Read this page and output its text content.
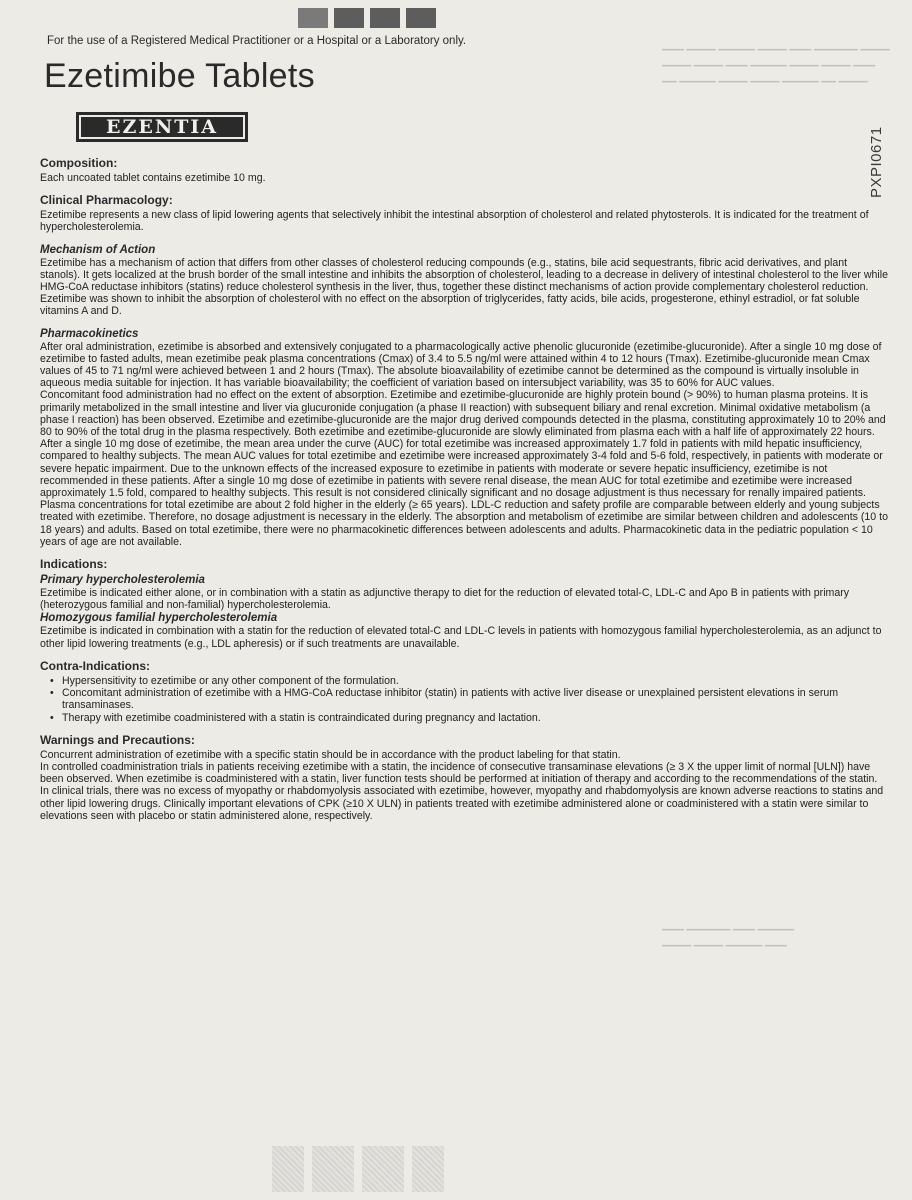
▁▁▁ ▁▁▁▁ ▁▁▁▁▁ ▁▁▁▁ ▁▁▁ ▁▁▁▁▁▁ ▁▁▁▁
▁▁▁▁ ▁▁▁▁ ▁▁▁ ▁▁▁▁▁ ▁▁▁▁ ▁▁▁▁ ▁▁▁
▁▁ ▁▁▁▁▁ ▁▁▁▁ ▁▁▁▁ ▁▁▁▁▁ ▁▁ ▁▁▁▁
▁▁▁ ▁▁▁▁▁▁ ▁▁▁ ▁▁▁▁▁
▁▁▁▁ ▁▁▁▁ ▁▁▁▁▁ ▁▁▁
For the use of a Registered Medical Practitioner or a Hospital or a Laboratory only.
Ezetimibe Tablets
EZENTIA	PXPI0671
Composition:

Each uncoated tablet contains ezetimibe 10 mg.

Clinical Pharmacology:

Ezetimibe represents a new class of lipid lowering agents that selectively inhibit the intestinal absorption of cholesterol and related phytosterols. It is indicated for the treatment of hypercholesterolemia.

Mechanism of Action

Ezetimibe has a mechanism of action that differs from other classes of cholesterol reducing compounds (e.g., statins, bile acid sequestrants, fibric acid derivatives, and plant stanols). It gets localized at the brush border of the small intestine and inhibits the absorption of cholesterol, leading to a decrease in delivery of intestinal cholesterol to the liver while HMG-CoA reductase inhibitors (statins) reduce cholesterol synthesis in the liver, thus, together these distinct mechanisms of action provide complementary cholesterol reduction.

Ezetimibe was shown to inhibit the absorption of cholesterol with no effect on the absorption of triglycerides, fatty acids, bile acids, progesterone, ethinyl estradiol, or fat soluble vitamins A and D.

Pharmacokinetics

After oral administration, ezetimibe is absorbed and extensively conjugated to a pharmacologically active phenolic glucuronide (ezetimibe-glucuronide). After a single 10 mg dose of ezetimibe to fasted adults, mean ezetimibe peak plasma concentrations (Cmax) of 3.4 to 5.5 ng/ml were attained within 4 to 12 hours (Tmax). Ezetimibe-glucuronide mean Cmax values of 45 to 71 ng/ml were achieved between 1 and 2 hours (Tmax). The absolute bioavailability of ezetimibe cannot be determined as the compound is virtually insoluble in aqueous media suitable for injection. It has variable bioavailability; the coefficient of variation based on intersubject variability, was 35 to 60% for AUC values.

Concomitant food administration had no effect on the extent of absorption. Ezetimibe and ezetimibe-glucuronide are highly protein bound (> 90%) to human plasma proteins. It is primarily metabolized in the small intestine and liver via glucuronide conjugation (a phase II reaction) with subsequent biliary and renal excretion. Minimal oxidative metabolism (a phase I reaction) has been observed. Ezetimibe and ezetimibe-glucuronide are the major drug derived compounds detected in the plasma, constituting approximately 10 to 20% and 80 to 90% of the total drug in the plasma respectively. Both ezetimibe and ezetimibe-glucuronide are slowly eliminated from plasma each with a half life of approximately 22 hours.

After a single 10 mg dose of ezetimibe, the mean area under the curve (AUC) for total ezetimibe was increased approximately 1.7 fold in patients with mild hepatic insufficiency, compared to healthy subjects. The mean AUC values for total ezetimibe and ezetimibe were increased approximately 3-4 fold and 5-6 fold, respectively, in patients with moderate or severe hepatic impairment. Due to the unknown effects of the increased exposure to ezetimibe in patients with moderate or severe hepatic insufficiency, ezetimibe is not recommended in these patients. After a single 10 mg dose of ezetimibe in patients with severe renal disease, the mean AUC for total ezetimibe and ezetimibe were increased approximately 1.5 fold, compared to healthy subjects. This result is not considered clinically significant and no dosage adjustment is thus necessary for renally impaired patients.

Plasma concentrations for total ezetimibe are about 2 fold higher in the elderly (≥ 65 years). LDL-C reduction and safety profile are comparable between elderly and young subjects treated with ezetimibe. Therefore, no dosage adjustment is necessary in the elderly. The absorption and metabolism of ezetimibe are similar between children and adolescents (10 to 18 years) and adults. Based on total ezetimibe, there were no pharmacokinetic differences between adolescents and adults. Pharmacokinetic data in the pediatric population < 10 years of age are not available.

Indications:
Primary hypercholesterolemia

Ezetimibe is indicated either alone, or in combination with a statin as adjunctive therapy to diet for the reduction of elevated total-C, LDL-C and Apo B in patients with primary (heterozygous familial and non-familial) hypercholesterolemia.

Homozygous familial hypercholesterolemia

Ezetimibe is indicated in combination with a statin for the reduction of elevated total-C and LDL-C levels in patients with homozygous familial hypercholesterolemia, as an adjunct to other lipid lowering treatments (e.g., LDL apheresis) or if such treatments are unavailable.

Contra-Indications:
• Hypersensitivity to ezetimibe or any other component of the formulation.
• Concomitant administration of ezetimibe with a HMG-CoA reductase inhibitor (statin) in patients with active liver disease or unexplained persistent elevations in serum transaminases.
• Therapy with ezetimibe coadministered with a statin is contraindicated during pregnancy and lactation.
Warnings and Precautions:

Concurrent administration of ezetimibe with a specific statin should be in accordance with the product labeling for that statin.

In controlled coadministration trials in patients receiving ezetimibe with a statin, the incidence of consecutive transaminase elevations (≥ 3 X the upper limit of normal [ULN]) have been observed. When ezetimibe is coadministered with a statin, liver function tests should be performed at initiation of therapy and according to the recommendations of the statin.

In clinical trials, there was no excess of myopathy or rhabdomyolysis associated with ezetimibe, however, myopathy and rhabdomyolysis are known adverse reactions to statins and other lipid lowering drugs. Clinically important elevations of CPK (≥10 X ULN) in patients treated with ezetimibe administered alone or coadministered with a statin were similar to elevations seen with placebo or statin administered alone, respectively.
